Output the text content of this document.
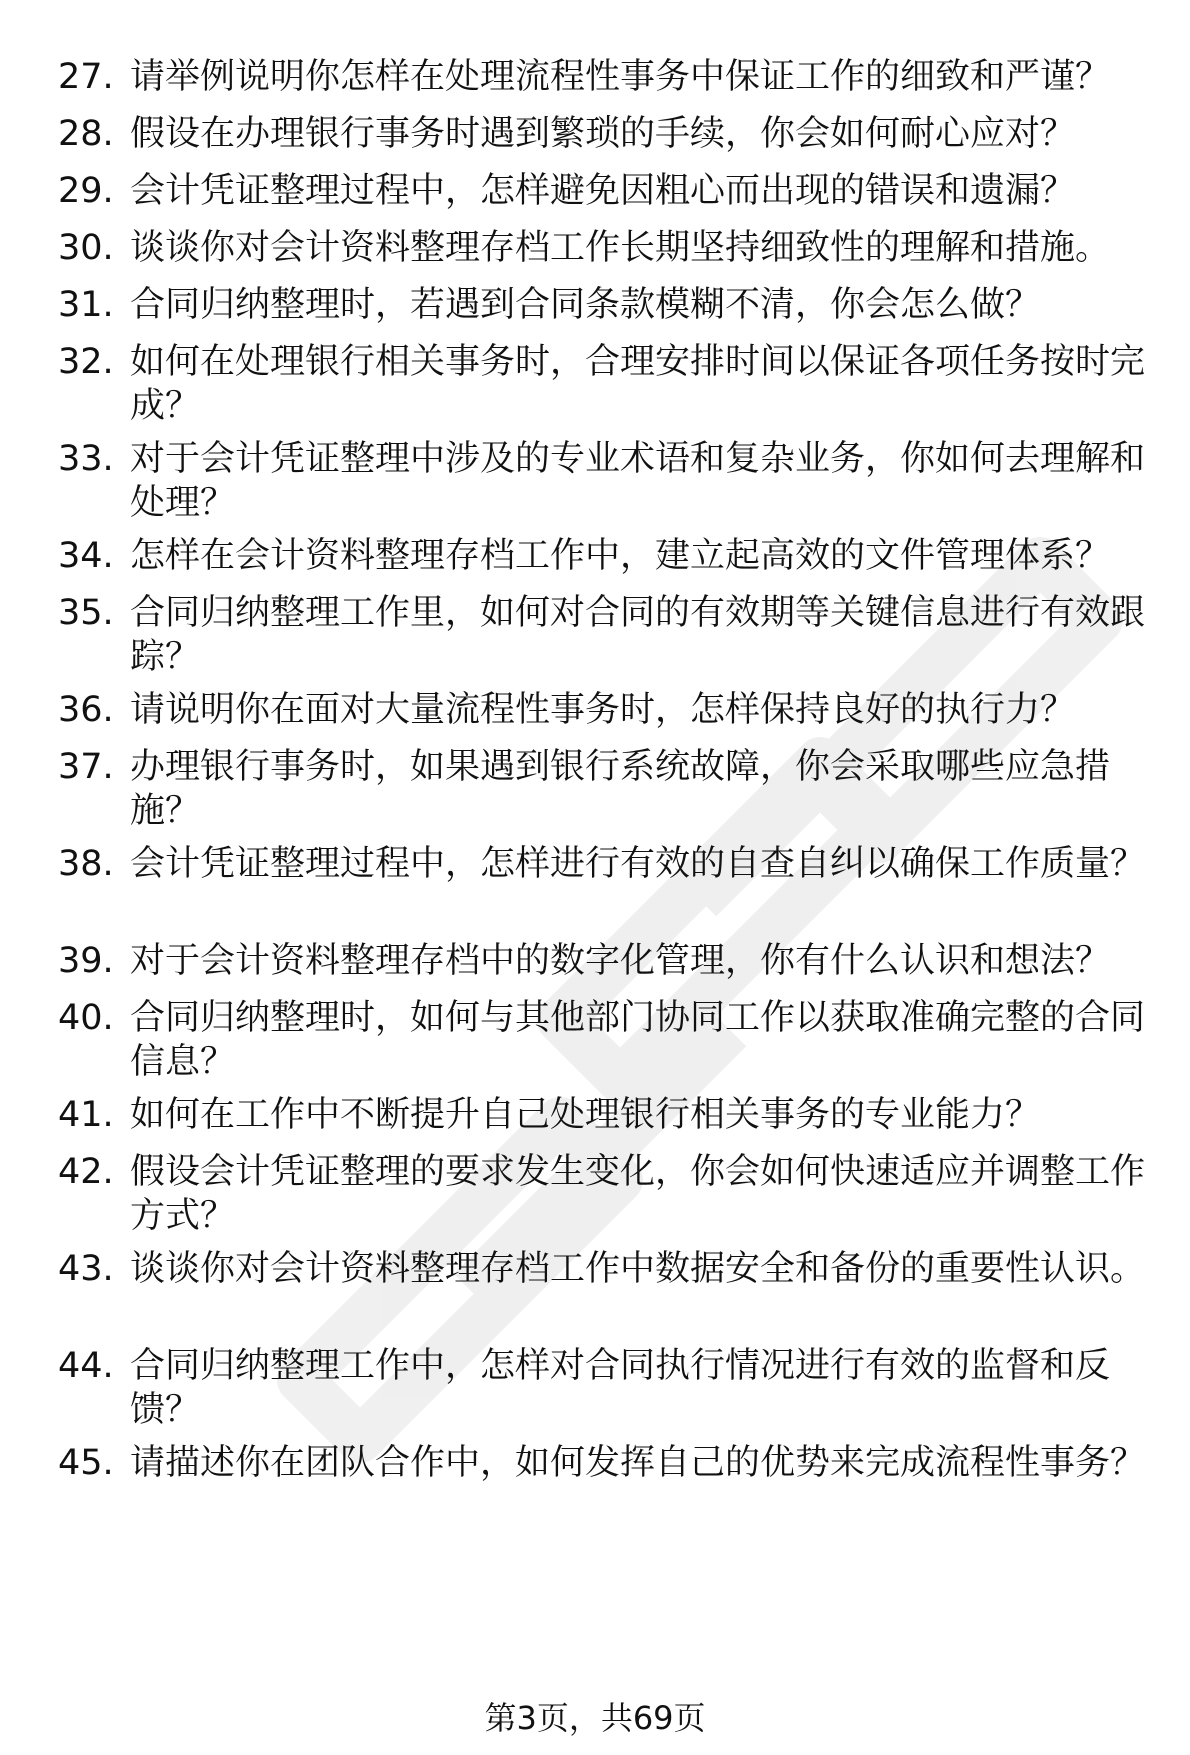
27. 请举例说明你怎样在处理流程性事务中保证工作的细致和严谨？
28. 假设在办理银行事务时遇到繁琐的手续，你会如何耐心应对？
29. 会计凭证整理过程中，怎样避免因粗心而出现的错误和遗漏？
30. 谈谈你对会计资料整理存档工作长期坚持细致性的理解和措施。
31. 合同归纳整理时，若遇到合同条款模糊不清，你会怎么做？
32. 如何在处理银行相关事务时，合理安排时间以保证各项任务按时完成？
33. 对于会计凭证整理中涉及的专业术语和复杂业务，你如何去理解和处理？
34. 怎样在会计资料整理存档工作中，建立起高效的文件管理体系？
35. 合同归纳整理工作里，如何对合同的有效期等关键信息进行有效跟踪？
36. 请说明你在面对大量流程性事务时，怎样保持良好的执行力？
37. 办理银行事务时，如果遇到银行系统故障，你会采取哪些应急措施？
38. 会计凭证整理过程中，怎样进行有效的自查自纠以确保工作质量？
39. 对于会计资料整理存档中的数字化管理，你有什么认识和想法？
40. 合同归纳整理时，如何与其他部门协同工作以获取准确完整的合同信息？
41. 如何在工作中不断提升自己处理银行相关事务的专业能力？
42. 假设会计凭证整理的要求发生变化，你会如何快速适应并调整工作方式？
43. 谈谈你对会计资料整理存档工作中数据安全和备份的重要性认识。
44. 合同归纳整理工作中，怎样对合同执行情况进行有效的监督和反馈？
45. 请描述你在团队合作中，如何发挥自己的优势来完成流程性事务？
第3页，共69页
